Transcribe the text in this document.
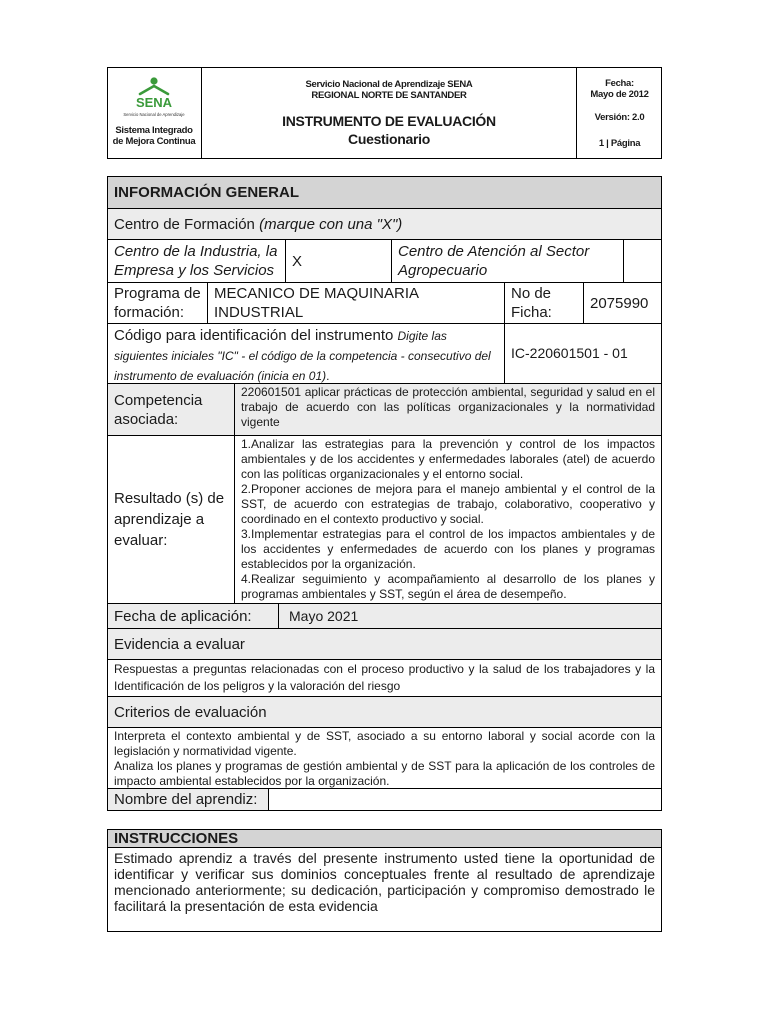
SENA
Servicio Nacional de Aprendizaje
Sistema Integrado de Mejora Continua
Servicio Nacional de Aprendizaje SENA
REGIONAL NORTE DE SANTANDER
INSTRUMENTO DE EVALUACIÓN
Cuestionario
Fecha:
Mayo de 2012
Versión: 2.0
1 | Página
INFORMACIÓN GENERAL
Centro de Formación
(marque con una "X")
Centro de la Industria, la Empresa y los Servicios
X
Centro de Atención al Sector Agropecuario
Programa de formación:
MECANICO DE MAQUINARIA INDUSTRIAL
No de Ficha:
2075990
Código para identificación del instrumento Digite las siguientes iniciales "IC" - el código de la competencia - consecutivo del instrumento de evaluación (inicia en 01).
IC-220601501 - 01
Competencia asociada:
220601501 aplicar prácticas de protección ambiental, seguridad y salud en el trabajo de acuerdo con las políticas organizacionales y la normatividad vigente
Resultado (s) de aprendizaje a evaluar:
1.Analizar las estrategias para la prevención y control de los impactos ambientales y de los accidentes y enfermedades laborales (atel) de acuerdo con las políticas organizacionales y el entorno social.
2.Proponer acciones de mejora para el manejo ambiental y el control de la SST, de acuerdo con estrategias de trabajo, colaborativo, cooperativo y coordinado en el contexto productivo y social.
3.Implementar estrategias para el control de los impactos ambientales y de los accidentes y enfermedades de acuerdo con los planes y programas establecidos por la organización.
4.Realizar seguimiento y acompañamiento al desarrollo de los planes y programas ambientales y SST, según el área de desempeño.
Fecha de aplicación:	Mayo 2021
Evidencia a evaluar
Respuestas a preguntas relacionadas con el proceso productivo y la salud de los trabajadores y la Identificación de los peligros y la valoración del riesgo
Criterios de evaluación
Interpreta el contexto ambiental y de SST, asociado a su entorno laboral y social acorde con la legislación y normatividad vigente.
Analiza los planes y programas de gestión ambiental y de SST para la aplicación de los controles de impacto ambiental establecidos por la organización.
Nombre del aprendiz:
INSTRUCCIONES
Estimado aprendiz a través del presente instrumento usted tiene la oportunidad de identificar y verificar sus dominios conceptuales frente al resultado de aprendizaje mencionado anteriormente; su dedicación, participación y compromiso demostrado le facilitará la presentación de esta evidencia
